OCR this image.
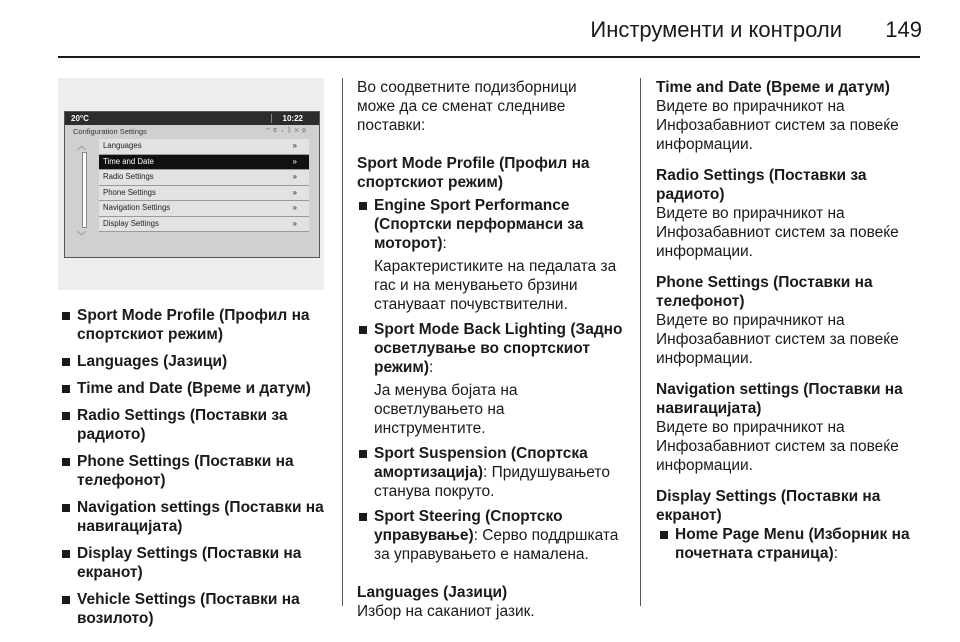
Инструменти и контроли 149
20°C	10:22
Configuration Settings	◠✆▴ᛒ✕⚙
︿
﹀
Languages	»
Time and Date	»
Radio Settings	»
Phone Settings	»
Navigation Settings	»
Display Settings	»

Sport Mode Profile (Профил на

спортскиот режим)

Languages (Јазици)

Time and Date (Време и датум)

Radio Settings (Поставки за

радиото)

Phone Settings (Поставки на

телефонот)

Navigation settings (Поставки на

навигацијата)

Display Settings (Поставки на

екранот)

Vehicle Settings (Поставки на

возилото)

Во соодветните подизборници

може да се сменат следниве

поставки:

Sport Mode Profile (Профил на

спортскиот режим)

Engine Sport Performance

(Спортски перформанси за

моторот):

Карактеристиките на педалата за

гас и на менувањето брзини

стануваат почувствителни.

Sport Mode Back Lighting (Задно

осветлување во спортскиот

режим):

Ја менува бојата на

осветлувањето на

инструментите.

Sport Suspension (Спортска

амортизација): Придушувањето

станува покруто.

Sport Steering (Спортско

управување): Серво поддршката

за управувањето е намалена.

Languages (Јазици)

Избор на саканиот јазик.

Time and Date (Време и датум)

Видете во прирачникот на

Инфозабавниот систем за повеќе

информации.

Radio Settings (Поставки за

радиото)

Видете во прирачникот на

Инфозабавниот систем за повеќе

информации.

Phone Settings (Поставки на

телефонот)

Видете во прирачникот на

Инфозабавниот систем за повеќе

информации.

Navigation settings (Поставки на

навигацијата)

Видете во прирачникот на

Инфозабавниот систем за повеќе

информации.

Display Settings (Поставки на

екранот)

Home Page Menu (Изборник на

почетната страница):
